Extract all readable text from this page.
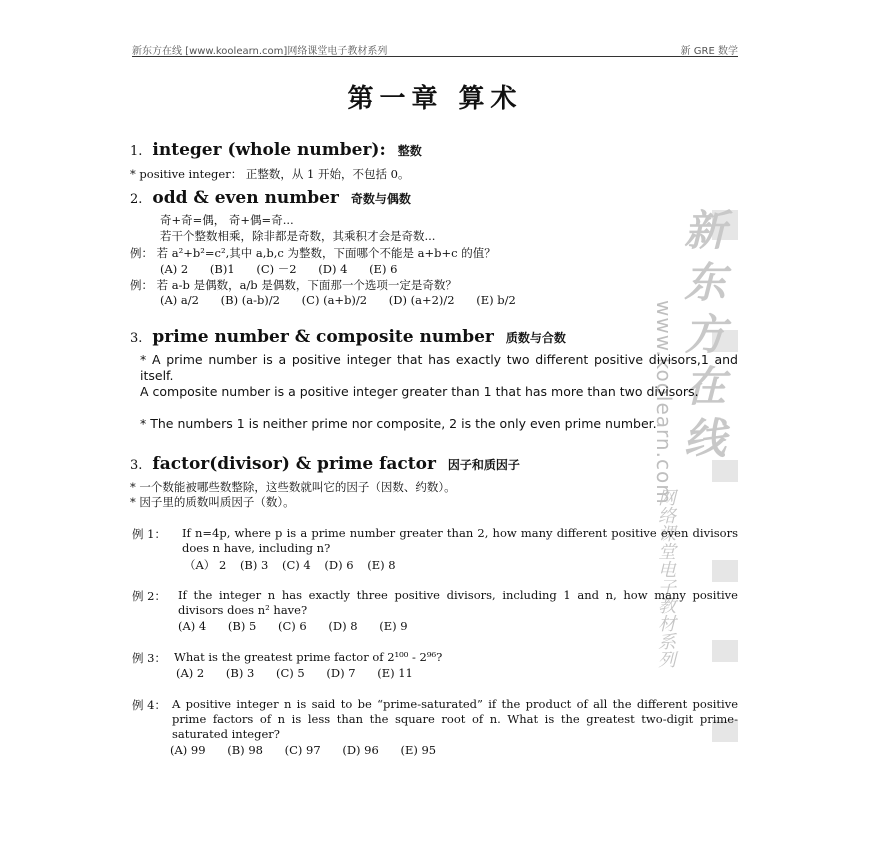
新东方在线 [www.koolearn.com]网络课堂电子教材系列	新 GRE 数学
新东方在线
www.koolearn.com
网络课堂电子教材系列
第一章 算术
1. integer (whole number): 整数
* positive integer： 正整数，从 1 开始，不包括 0。
2. odd & even number 奇数与偶数
奇+奇=偶， 奇+偶=奇...
若干个整数相乘，除非都是奇数，其乘积才会是奇数...
例： 若 a²+b²=c²,其中 a,b,c 为整数，下面哪个不能是 a+b+c 的值？
(A) 2 (B)1 (C) －2 (D) 4 (E) 6
例： 若 a-b 是偶数，a/b 是偶数，下面那一个选项一定是奇数？
(A) a/2 (B) (a-b)/2 (C) (a+b)/2 (D) (a+2)/2 (E) b/2
3. prime number & composite number 质数与合数
* A prime number is a positive integer that has exactly two different positive divisors,1 and itself.
A composite number is a positive integer greater than 1 that has more than two divisors.
* The numbers 1 is neither prime nor composite, 2 is the only even prime number.
3. factor(divisor) & prime factor 因子和质因子
* 一个数能被哪些数整除，这些数就叫它的因子（因数、约数）。
* 因子里的质数叫质因子（数）。
例 1： If n=4p, where p is a prime number greater than 2, how many different positive even divisors does n have, including n?
（A） 2 (B) 3 (C) 4 (D) 6 (E) 8
例 2： If the integer n has exactly three positive divisors, including 1 and n, how many positive divisors does n² have?
(A) 4 (B) 5 (C) 6 (D) 8 (E) 9
例 3： What is the greatest prime factor of 2¹⁰⁰ - 2⁹⁶?
(A) 2 (B) 3 (C) 5 (D) 7 (E) 11
例 4： A positive integer n is said to be “prime-saturated” if the product of all the different positive prime factors of n is less than the square root of n. What is the greatest two-digit prime-saturated integer?
(A) 99 (B) 98 (C) 97 (D) 96 (E) 95
